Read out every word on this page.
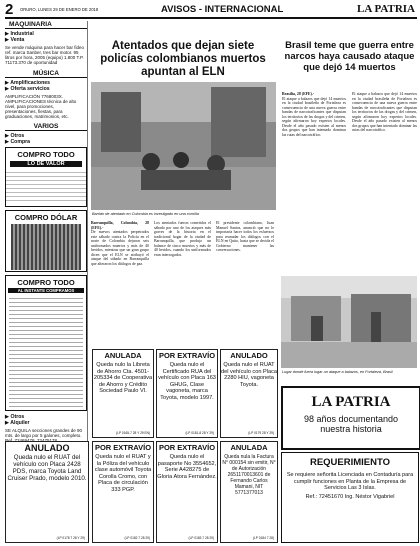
2 ORURO, LUNES 29 DE ENERO DE 2018	AVISOS - INTERNACIONAL	LA PATRIA
MAQUINARIA
▶ Industrial
▶ Venta
Se vende máquina para hacer bar fideo ref. marca Sanber, tres bar motor. 95 litros por hora, 2005 (equipo) 1.800 T.P. 71173.370 de oportunidad
MÚSICA
▶ Amplificaciones
▶ Oferta servicios
AMPLIFICACIÓN 7768003X. AMPLIFICACIONES técnica de alto nivel, para promociones, presentaciones, fiestas, para graduaciones, matrimonios, etc.
VARIOS
▶ Otros
▶ Compra
COMPRO TODO
LO DE VALOR
COMPRO DÓLAR
COMPRO TODO
AL INSTANTE COMPRAMOS
▶ Otros
▶ Alquiler
SE ALQUILA secciones grandes de 90 mts. de largo por 5 galones, completo.
Atentados que dejan siete policías colombianos muertos apuntan al ELN
Barrido de atentado en Colombia es investigado en una cornilla
Barranquilla, Colombia, 28 (EFE).-
De nuevos atentados perpetrados este sábado contra la Policía en el norte de Colombia dejaron seis uniformados muertos y más de 40 heridos, mientras que un gran grupo dicen que el ELN se atribuyó el ataque del sábado en Barranquilla que alteraron los diálogos de paz.
Los atentados fueron cometidos el sábado por uno de los ataques más graves de la historia en el tradicional hogar de la ciudad de Barranquilla, que produjo un balance de cinco muertos y más de 40 heridos, cuando los uniformados eran interrogados.
El presidente colombiano, Juan Manuel Santos, anunció que no le importaría hacer todos los esfuerzos para reanudar los diálogos con el ELN en Quito, hasta que se decida el Gobierno mantener las conversaciones.
Brasil teme que guerra entre narcos haya causado ataque que dejó 14 muertos
Brasilia, 28 (EFE).-
El ataque a balazos que dejó 14 muertos en la ciudad brasileña de Fortaleza es consecuencia de una nueva guerra entre bandas de narcotraficantes que disputan los territorios de las drogas y del crimen, según afirmaron hoy expertos locales. Desde el año pasado existen al menos dos grupos que han intentado dominar las rutas del narcotráfico.
El ataque a balazos que dejó 14 muertos en la ciudad brasileña de Fortaleza es consecuencia de una nueva guerra entre bandas de narcotraficantes que disputan los territorios de las drogas y del crimen, según afirmaron hoy expertos locales. Desde el año pasado existen al menos dos grupos que han intentado dominar las rutas del narcotráfico.
Lugar donde fuera lugar un ataque a balazos, en Fortaleza, Brasil
ANULADA
Queda nulo la Libreta de Ahorro Cta. 4501-205334 de Cooperativa de Ahorro y Crédito Sociedad Paulo VI.
(LP 0165-7 28 Y 29 EN)
POR EXTRAVÍO
Queda nulo el Certificado RUA del vehículo con Placa 163 GHUG, Clase vagoneta, marca Toyota, modelo 1997.
(LP 0181-8 28 Y 29)
ANULADO
Queda nulo el RUAT del vehículo con Placa 2280 HIU, vagoneta Toyota.
(LP 0179 28 Y 29)
ANULADO
Queda nulo el RUAT del vehículo con Placa 2428 PDS, marca Toyota Land Cruiser Prado, modelo 2010.
(LP 0178 7 28 Y 29)
POR EXTRAVÍO
Queda nulo el RUAT y la Póliza del vehículo clase automóvil Toyota Corolla Cromo, con Placa de circulación 333 PGP.
(LP 0182 7 28 29)
POR EXTRAVÍO
Queda nulo el pasaporte No 3554652, Serie A428275 de Gloria Atora Fernández.
(LP 0183 7 28 29)
ANULADA
Queda nula la Factura N° 000154 sin emitir, N° de Autorización 2651170013601 de Fernando Carlos Mamani, NIT 5771377013
(LP 0184 7 28)
LA PATRIA
98 años documentando nuestra historia
REQUERIMIENTO
Se requiere señorita Licenciada en Contaduría para cumplir funciones en Planta de la Empresa de Servicios Las 3 Islas.
Ref.: 72451670 Ing. Néstor Vigabriel
